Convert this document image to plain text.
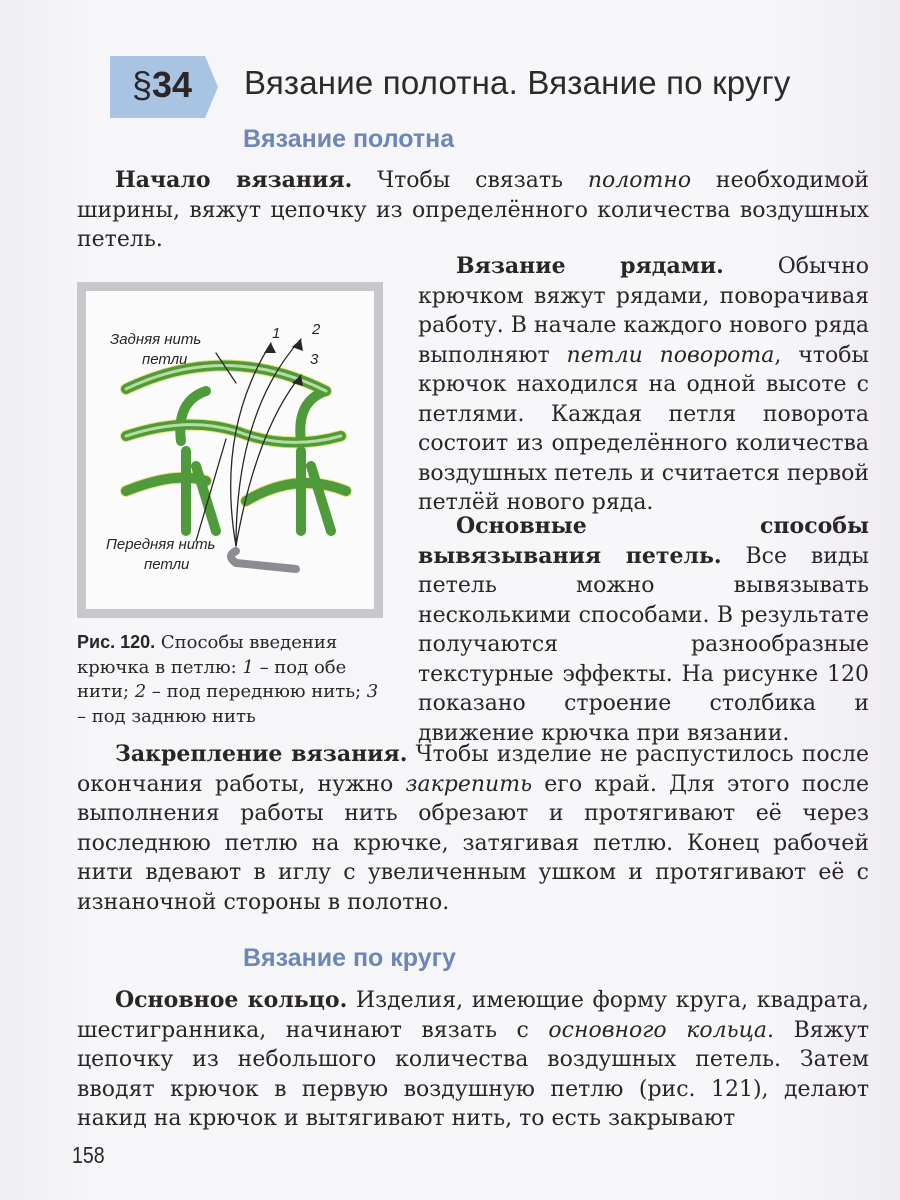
§34 Вязание полотна. Вязание по кругу
Вязание полотна
Начало вязания. Чтобы связать полотно необходимой ширины, вяжут цепочку из определённого количества воздушных петель.
Задняя нить
петли
Передняя нить
петли
1 2
3
Рис. 120. Способы введения крючка в петлю: 1 – под обе нити; 2 – под переднюю нить; 3 – под заднюю нить
Вязание рядами. Обычно крючком вяжут рядами, поворачивая работу. В начале каждого нового ряда выполняют петли поворота, чтобы крючок находился на одной высоте с петлями. Каждая петля поворота состоит из определённого количества воздушных петель и считается первой петлёй нового ряда.
Основные способы вывязывания петель. Все виды петель можно вывязывать несколькими способами. В результате получаются разнообразные текстурные эффекты. На рисунке 120 показано строение столбика и движение крючка при вязании.
Закрепление вязания. Чтобы изделие не распустилось после окончания работы, нужно закрепить его край. Для этого после выполнения работы нить обрезают и протягивают её через последнюю петлю на крючке, затягивая петлю. Конец рабочей нити вдевают в иглу с увеличенным ушком и протягивают её с изнаночной стороны в полотно.
Вязание по кругу
Основное кольцо. Изделия, имеющие форму круга, квадрата, шестигранника, начинают вязать с основного кольца. Вяжут цепочку из небольшого количества воздушных петель. Затем вводят крючок в первую воздушную петлю (рис. 121), делают накид на крючок и вытягивают нить, то есть закрывают
158
